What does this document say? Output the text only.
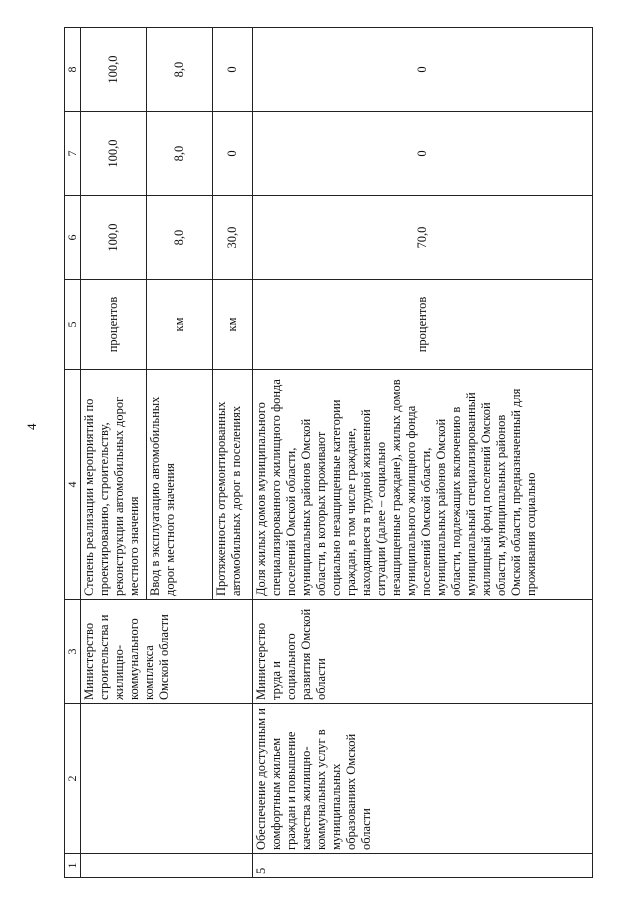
4
1	2	3	4	5	6	7	8
		Министерство строительства и жилищно-коммунального комплекса Омской области	Степень реализации мероприятий по проектированию, строительству, реконструкции автомобильных дорог местного значения	процентов	100,0	100,0	100,0
			Ввод в эксплуатацию автомобильных дорог местного значения	км	8,0	8,0	8,0
			Протяженность отремонтированных автомобильных дорог в поселениях	км	30,0	0	0
5	Обеспечение доступным и комфортным жильем граждан и повышение качества жилищно-коммунальных услуг в муниципальных образованиях Омской области	Министерство труда и социального развития Омской области	Доля жилых домов муниципального специализированного жилищного фонда поселений Омской области, муниципальных районов Омской области, в которых проживают социально незащищенные категории граждан, в том числе граждане, находящиеся в трудной жизненной ситуации (далее – социально незащищенные граждане), жилых домов муниципального жилищного фонда поселений Омской области, муниципальных районов Омской области, подлежащих включению в муниципальный специализированный жилищный фонд поселений Омской области, муниципальных районов Омской области, предназначенный для проживания социально	процентов	70,0	0	0
